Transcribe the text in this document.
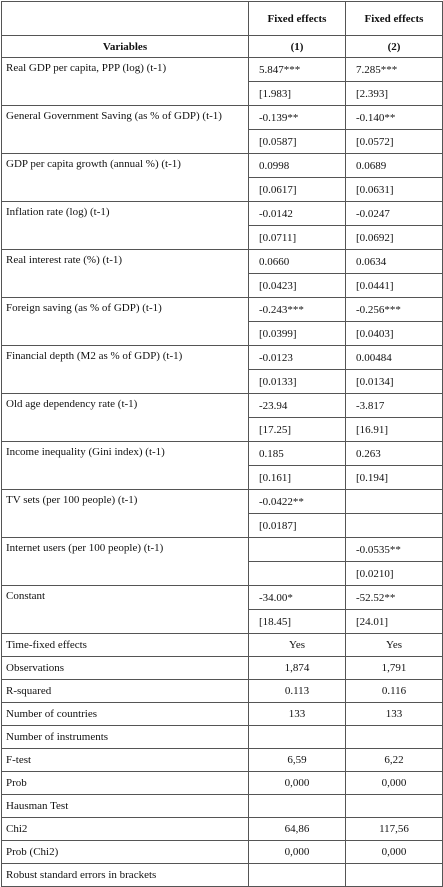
	Fixed effects	Fixed effects
Variables	(1)	(2)
Real GDP per capita, PPP (log) (t-1)	5.847***	7.285***
	[1.983]	[2.393]
General Government Saving (as % of GDP) (t-1)	-0.139**	-0.140**
	[0.0587]	[0.0572]
GDP per capita growth (annual %) (t-1)	0.0998	0.0689
	[0.0617]	[0.0631]
Inflation rate (log) (t-1)	-0.0142	-0.0247
	[0.0711]	[0.0692]
Real interest rate (%) (t-1)	0.0660	0.0634
	[0.0423]	[0.0441]
Foreign saving (as % of GDP) (t-1)	-0.243***	-0.256***
	[0.0399]	[0.0403]
Financial depth (M2 as % of GDP) (t-1)	-0.0123	0.00484
	[0.0133]	[0.0134]
Old age dependency rate (t-1)	-23.94	-3.817
	[17.25]	[16.91]
Income inequality (Gini index) (t-1)	0.185	0.263
	[0.161]	[0.194]
TV sets (per 100 people) (t-1)	-0.0422**	
	[0.0187]	
Internet users (per 100 people) (t-1)		-0.0535**
		[0.0210]
Constant	-34.00*	-52.52**
	[18.45]	[24.01]
Time-fixed effects	Yes	Yes
Observations	1,874	1,791
R-squared	0.113	0.116
Number of countries	133	133
Number of instruments		
F-test	6,59	6,22
Prob	0,000	0,000
Hausman Test		
Chi2	64,86	117,56
Prob (Chi2)	0,000	0,000
Robust standard errors in brackets		
